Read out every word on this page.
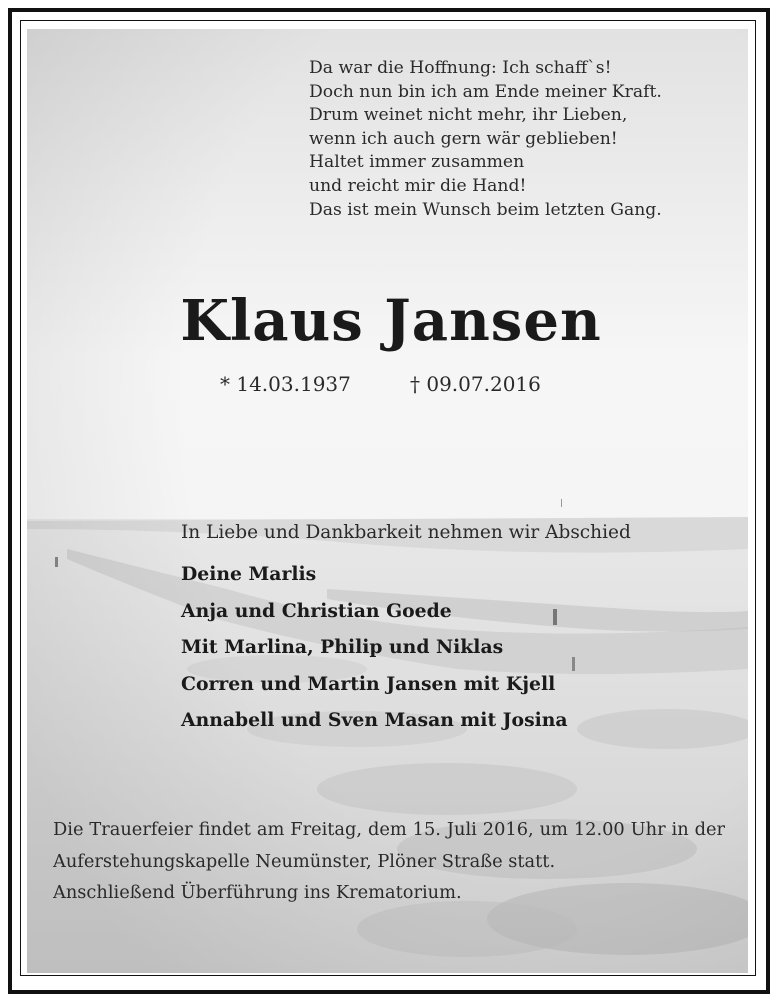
Da war die Hoffnung: Ich schaff`s!
Doch nun bin ich am Ende meiner Kraft.
Drum weinet nicht mehr, ihr Lieben,
wenn ich auch gern wär geblieben!
Haltet immer zusammen
und reicht mir die Hand!
Das ist mein Wunsch beim letzten Gang.
Klaus Jansen
* 14.03.1937	† 09.07.2016
In Liebe und Dankbarkeit nehmen wir Abschied
Deine Marlis
Anja und Christian Goede
Mit Marlina, Philip und Niklas
Corren und Martin Jansen mit Kjell
Annabell und Sven Masan mit Josina
Die Trauerfeier findet am Freitag, dem 15. Juli 2016, um 12.00 Uhr in der Auferstehungskapelle Neumünster, Plöner Straße statt.
Anschließend Überführung ins Krematorium.
